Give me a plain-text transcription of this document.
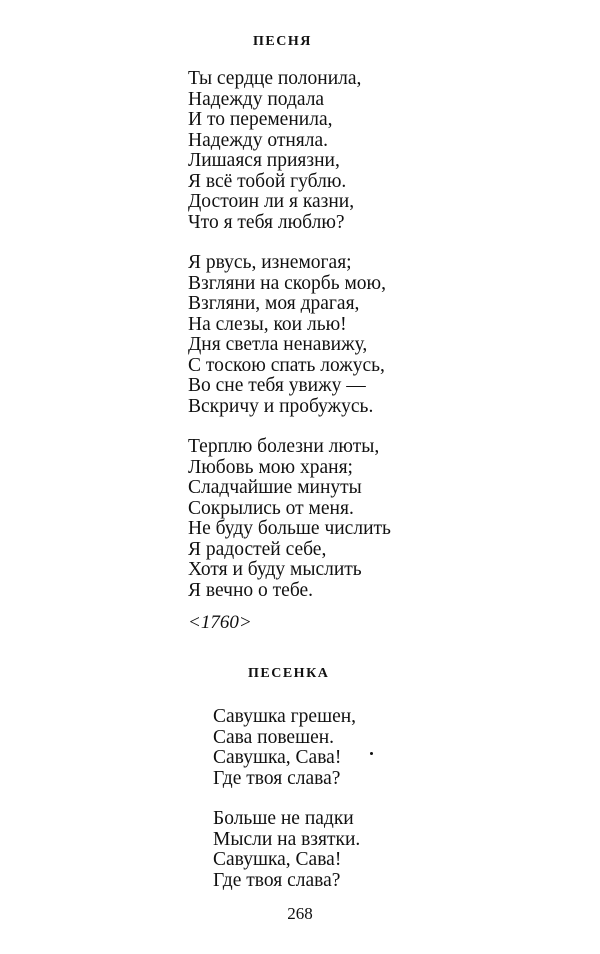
ПЕСНЯ
Ты сердце полонила,
Надежду подала
И то переменила,
Надежду отняла.
Лишаяся приязни,
Я всё тобой гублю.
Достоин ли я казни,
Что я тебя люблю?
Я рвусь, изнемогая;
Взгляни на скорбь мою,
Взгляни, моя драгая,
На слезы, кои лью!
Дня светла ненавижу,
С тоскою спать ложусь,
Во сне тебя увижу —
Вскричу и пробужусь.
Терплю болезни люты,
Любовь мою храня;
Сладчайшие минуты
Сокрылись от меня.
Не буду больше числить
Я радостей себе,
Хотя и буду мыслить
Я вечно о тебе.
<1760>
ПЕСЕНКА
Савушка грешен,
Сава повешен.
Савушка, Сава!
Где твоя слава?
Больше не падки
Мысли на взятки.
Савушка, Сава!
Где твоя слава?
268
